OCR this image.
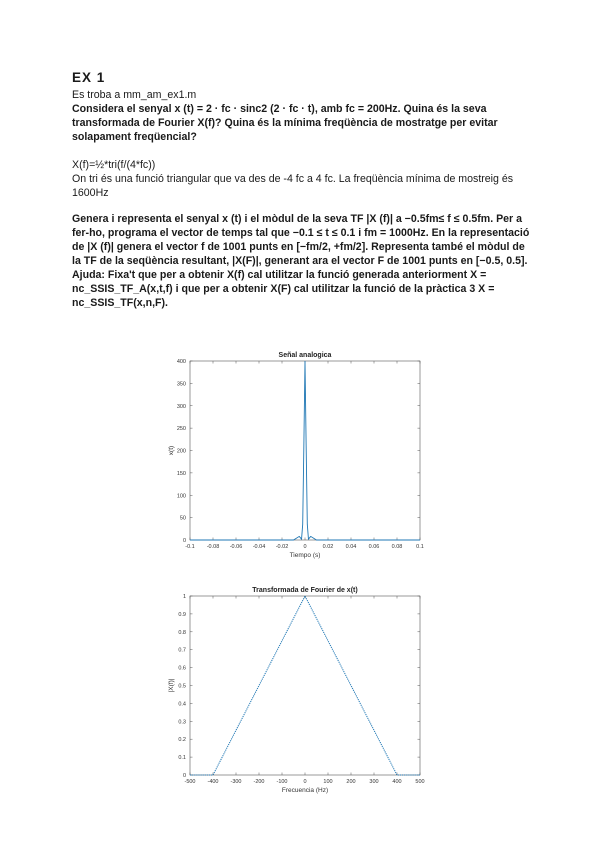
EX 1

Es troba a mm_am_ex1.m

Considera el senyal x (t) = 2 · fc · sinc2 (2 · fc · t), amb fc = 200Hz. Quina és la seva transformada de Fourier X(f)? Quina és la mínima freqüència de mostratge per evitar solapament freqüencial?

X(f)=½*tri(f/(4*fc))

On tri és una funció triangular que va des de -4 fc a 4 fc. La freqüència mínima de mostreig és 1600Hz

Genera i representa el senyal x (t) i el mòdul de la seva TF |X (f)| a −0.5fm≤ f ≤ 0.5fm. Per a fer-ho, programa el vector de temps tal que −0.1 ≤ t ≤ 0.1 i fm = 1000Hz. En la representació de |X (f)| genera el vector f de 1001 punts en [−fm/2, +fm/2]. Representa també el mòdul de la TF de la seqüència resultant, |X(F)|, generant ara el vector F de 1001 punts en [−0.5, 0.5]. Ajuda: Fixa't que per a obtenir X(f) cal utilitzar la funció generada anteriorment X = nc_SSIS_TF_A(x,t,f) i que per a obtenir X(F) cal utilitzar la funció de la pràctica 3 X = nc_SSIS_TF(x,n,F).

Señal analogica
-0.1 -0.08 -0.06 -0.04 -0.02	0	0.02 0.04 0.06 0.08	0.1
0
50
100
150
200
250
300
350
400
Tiempo (s)
x(t)
Transformada de Fourier de x(t)
-500 -400 -300 -200 -100	0	100	200	300	400	500
0
0.1
0.2
0.3
0.4
0.5
0.6
0.7
0.8
0.9
1
Frecuencia (Hz)
|X(f)|
